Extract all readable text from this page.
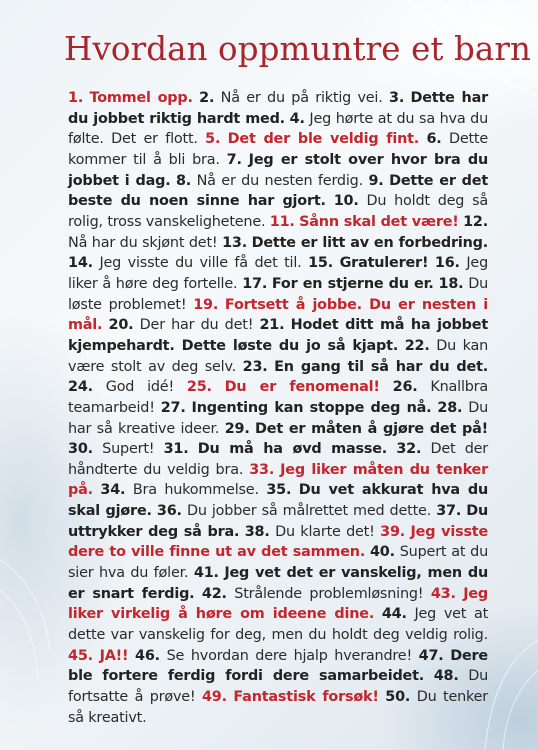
Hvordan oppmuntre et barn

1. Tommel opp. 2. Nå er du på riktig vei. 3. Dette har du jobbet riktig hardt med. 4. Jeg hørte at du sa hva du følte. Det er flott. 5. Det der ble veldig fint. 6. Dette kommer til å bli bra. 7. Jeg er stolt over hvor bra du jobbet i dag. 8. Nå er du nesten ferdig. 9. Dette er det beste du noen sinne har gjort. 10. Du holdt deg så rolig, tross vanskelighetene. 11. Sånn skal det være! 12. Nå har du skjønt det! 13. Dette er litt av en forbedring. 14. Jeg visste du ville få det til. 15. Gratulerer! 16. Jeg liker å høre deg fortelle. 17. For en stjerne du er. 18. Du løste problemet! 19. Fortsett å jobbe. Du er nesten i mål. 20. Der har du det! 21. Hodet ditt må ha jobbet kjempehardt. Dette løste du jo så kjapt. 22. Du kan være stolt av deg selv. 23. En gang til så har du det. 24. God idé! 25. Du er fenomenal! 26. Knallbra teamarbeid! 27. Ingenting kan stoppe deg nå. 28. Du har så kreative ideer. 29. Det er måten å gjøre det på! 30. Supert! 31. Du må ha øvd masse. 32. Det der håndterte du veldig bra. 33. Jeg liker måten du tenker på. 34. Bra hukommelse. 35. Du vet akkurat hva du skal gjøre. 36. Du jobber så målrettet med dette. 37. Du uttrykker deg så bra. 38. Du klarte det! 39. Jeg visste dere to ville finne ut av det sammen. 40. Supert at du sier hva du føler. 41. Jeg vet det er vanskelig, men du er snart ferdig. 42. Strålende problemløsning! 43. Jeg liker virkelig å høre om ideene dine. 44. Jeg vet at dette var vanskelig for deg, men du holdt deg veldig rolig. 45. JA!! 46. Se hvordan dere hjalp hverandre! 47. Dere ble fortere ferdig fordi dere samarbeidet. 48. Du fortsatte å prøve! 49. Fantastisk forsøk! 50. Du tenker så kreativt.
